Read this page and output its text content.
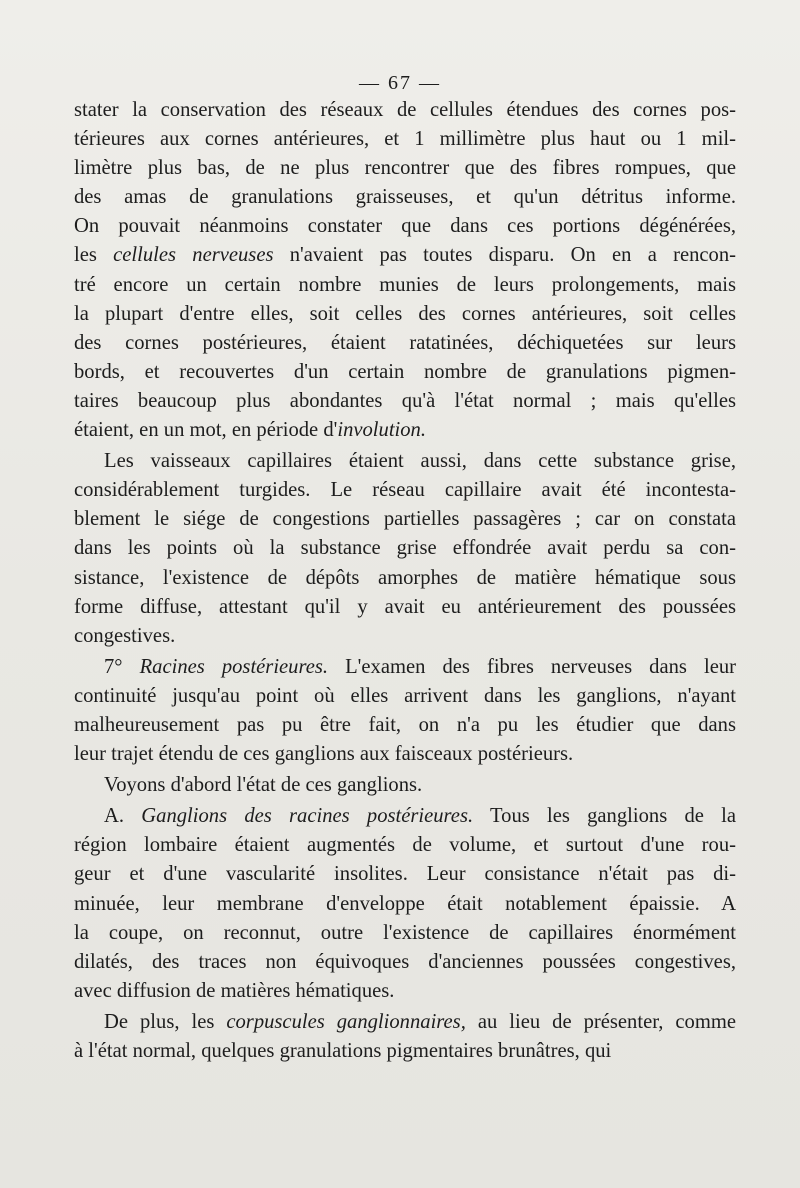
— 67 —
stater la conservation des réseaux de cellules étendues des cornes pos-
térieures aux cornes antérieures, et 1 millimètre plus haut ou 1 mil-
limètre plus bas, de ne plus rencontrer que des fibres rompues, que
des amas de granulations graisseuses, et qu'un détritus informe.
On pouvait néanmoins constater que dans ces portions dégénérées,
les cellules nerveuses n'avaient pas toutes disparu. On en a rencon-
tré encore un certain nombre munies de leurs prolongements, mais
la plupart d'entre elles, soit celles des cornes antérieures, soit celles
des cornes postérieures, étaient ratatinées, déchiquetées sur leurs
bords, et recouvertes d'un certain nombre de granulations pigmen-
taires beaucoup plus abondantes qu'à l'état normal ; mais qu'elles
étaient, en un mot, en période d'involution.
Les vaisseaux capillaires étaient aussi, dans cette substance grise,
considérablement turgides. Le réseau capillaire avait été incontesta-
blement le siége de congestions partielles passagères ; car on constata
dans les points où la substance grise effondrée avait perdu sa con-
sistance, l'existence de dépôts amorphes de matière hématique sous
forme diffuse, attestant qu'il y avait eu antérieurement des poussées
congestives.
7° Racines postérieures. L'examen des fibres nerveuses dans leur
continuité jusqu'au point où elles arrivent dans les ganglions, n'ayant
malheureusement pas pu être fait, on n'a pu les étudier que dans
leur trajet étendu de ces ganglions aux faisceaux postérieurs.
Voyons d'abord l'état de ces ganglions.
A. Ganglions des racines postérieures. Tous les ganglions de la
région lombaire étaient augmentés de volume, et surtout d'une rou-
geur et d'une vascularité insolites. Leur consistance n'était pas di-
minuée, leur membrane d'enveloppe était notablement épaissie. A
la coupe, on reconnut, outre l'existence de capillaires énormément
dilatés, des traces non équivoques d'anciennes poussées congestives,
avec diffusion de matières hématiques.
De plus, les corpuscules ganglionnaires, au lieu de présenter, comme
à l'état normal, quelques granulations pigmentaires brunâtres, qui
